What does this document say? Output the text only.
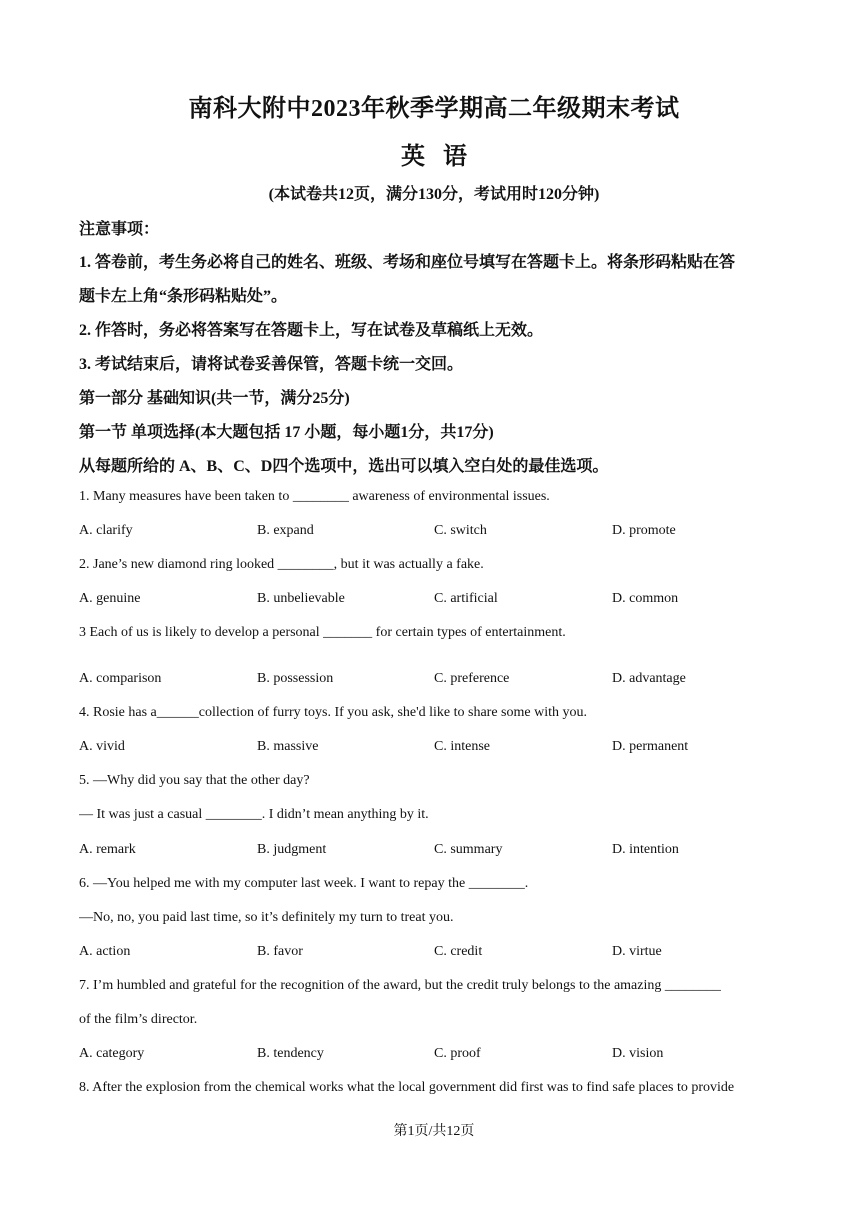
南科大附中2023年秋季学期高二年级期末考试
英语
(本试卷共12页，满分130分，考试用时120分钟)
注意事项：
1. 答卷前，考生务必将自己的姓名、班级、考场和座位号填写在答题卡上。将条形码粘贴在答
题卡左上角“条形码粘贴处”。
2. 作答时，务必将答案写在答题卡上，写在试卷及草稿纸上无效。
3. 考试结束后，请将试卷妥善保管，答题卡统一交回。
第一部分 基础知识(共一节，满分25分)
第一节 单项选择(本大题包括 17 小题，每小题1分，共17分)
从每题所给的 A、B、C、D四个选项中，选出可以填入空白处的最佳选项。
1. Many measures have been taken to ________ awareness of environmental issues.
A. clarify	B. expand	C. switch	D. promote
2. Jane’s new diamond ring looked ________, but it was actually a fake.
A. genuine	B. unbelievable	C. artificial	D. common
3 Each of us is likely to develop a personal _______ for certain types of entertainment.
A. comparison	B. possession	C. preference	D. advantage
4. Rosie has a______collection of furry toys. If you ask, she'd like to share some with you.
A. vivid	B. massive	C. intense	D. permanent
5. —Why did you say that the other day?
— It was just a casual ________. I didn’t mean anything by it.
A. remark	B. judgment	C. summary	D. intention
6. —You helped me with my computer last week. I want to repay the ________.
—No, no, you paid last time, so it’s definitely my turn to treat you.
A. action	B. favor	C. credit	D. virtue
7. I’m humbled and grateful for the recognition of the award, but the credit truly belongs to the amazing ________
of the film’s director.
A. category	B. tendency	C. proof	D. vision
8. After the explosion from the chemical works what the local government did first was to find safe places to provide
第1页/共12页
